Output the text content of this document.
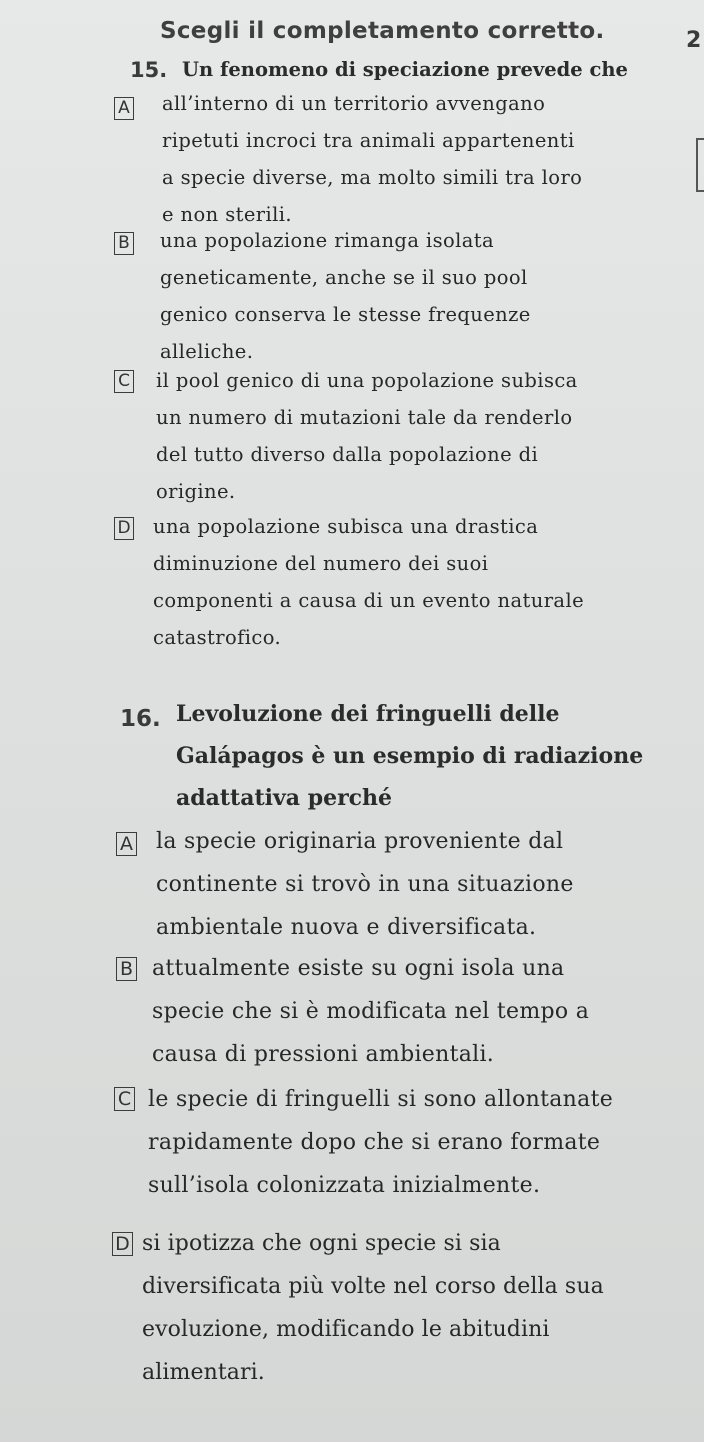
Scegli il completamento corretto.	2
15. Un fenomeno di speciazione prevede che
A all’interno di un territorio avvengano
ripetuti incroci tra animali appartenenti
a specie diverse, ma molto simili tra loro
e non sterili.
B una popolazione rimanga isolata
geneticamente, anche se il suo pool
genico conserva le stesse frequenze
alleliche.
C il pool genico di una popolazione subisca
un numero di mutazioni tale da renderlo
del tutto diverso dalla popolazione di
origine.
D una popolazione subisca una drastica
diminuzione del numero dei suoi
componenti a causa di un evento naturale
catastrofico.
16. Levoluzione dei fringuelli delle
Galápagos è un esempio di radiazione
adattativa perché
A la specie originaria proveniente dal
continente si trovò in una situazione
ambientale nuova e diversificata.
B attualmente esiste su ogni isola una
specie che si è modificata nel tempo a
causa di pressioni ambientali.
C le specie di fringuelli si sono allontanate
rapidamente dopo che si erano formate
sull’isola colonizzata inizialmente.
D si ipotizza che ogni specie si sia
diversificata più volte nel corso della sua
evoluzione, modificando le abitudini
alimentari.
